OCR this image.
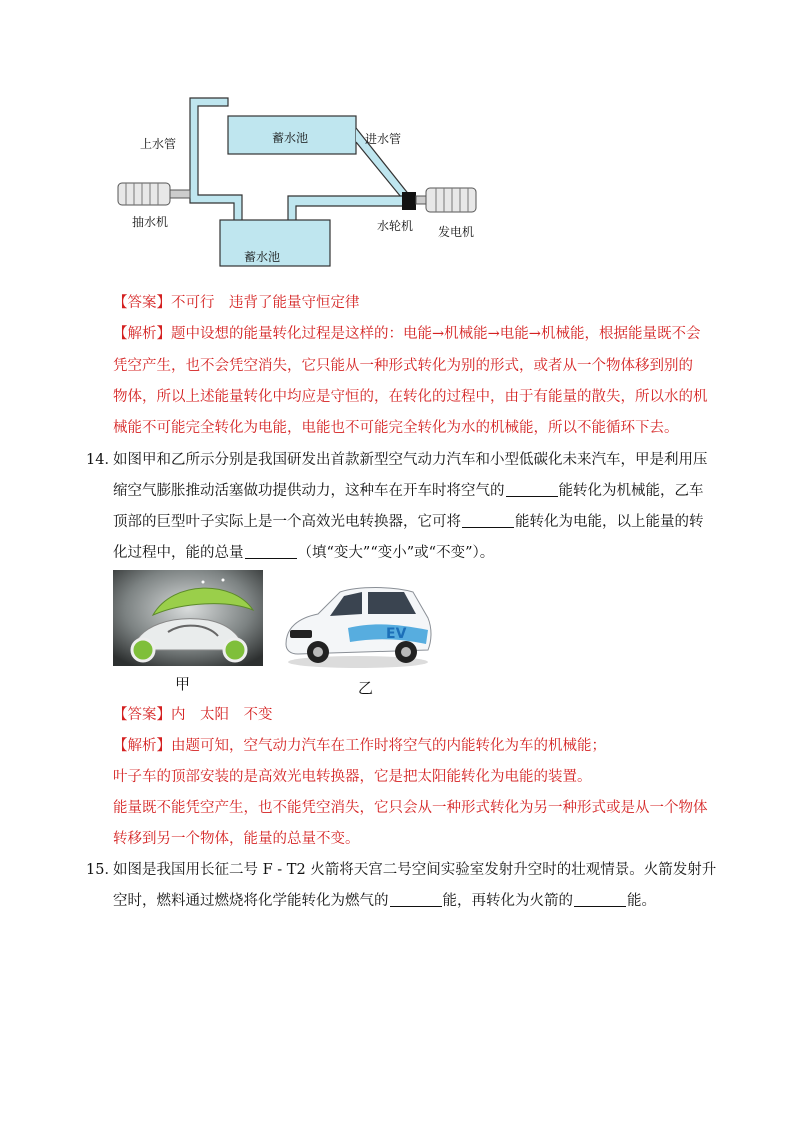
上水管	蓄水池	进水管
抽水机	水轮机
蓄水池
发电机
【答案】不可行　违背了能量守恒定律
【解析】题中设想的能量转化过程是这样的：电能→机械能→电能→机械能，根据能量既不会
凭空产生，也不会凭空消失，它只能从一种形式转化为别的形式，或者从一个物体移到别的
物体，所以上述能量转化中均应是守恒的，在转化的过程中，由于有能量的散失，所以水的机
械能不可能完全转化为电能，电能也不可能完全转化为水的机械能，所以不能循环下去。
14．
如图甲和乙所示分别是我国研发出首款新型空气动力汽车和小型低碳化未来汽车，甲是利用压
缩空气膨胀推动活塞做功提供动力，这种车在开车时将空气的	能转化为机械能，乙车
顶部的巨型叶子实际上是一个高效光电转换器，它可将	能转化为电能，以上能量的转
化过程中，能的总量	（填“变大”“变小”或“不变”）。
EV
甲	乙
【答案】内　太阳　不变
【解析】由题可知，空气动力汽车在工作时将空气的内能转化为车的机械能；
叶子车的顶部安装的是高效光电转换器，它是把太阳能转化为电能的装置。
能量既不能凭空产生，也不能凭空消失，它只会从一种形式转化为另一种形式或是从一个物体
转移到另一个物体，能量的总量不变。
15．
如图是我国用长征二号 F - T2 火箭将天宫二号空间实验室发射升空时的壮观情景。火箭发射升
空时，燃料通过燃烧将化学能转化为燃气的	能，再转化为火箭的	能。
